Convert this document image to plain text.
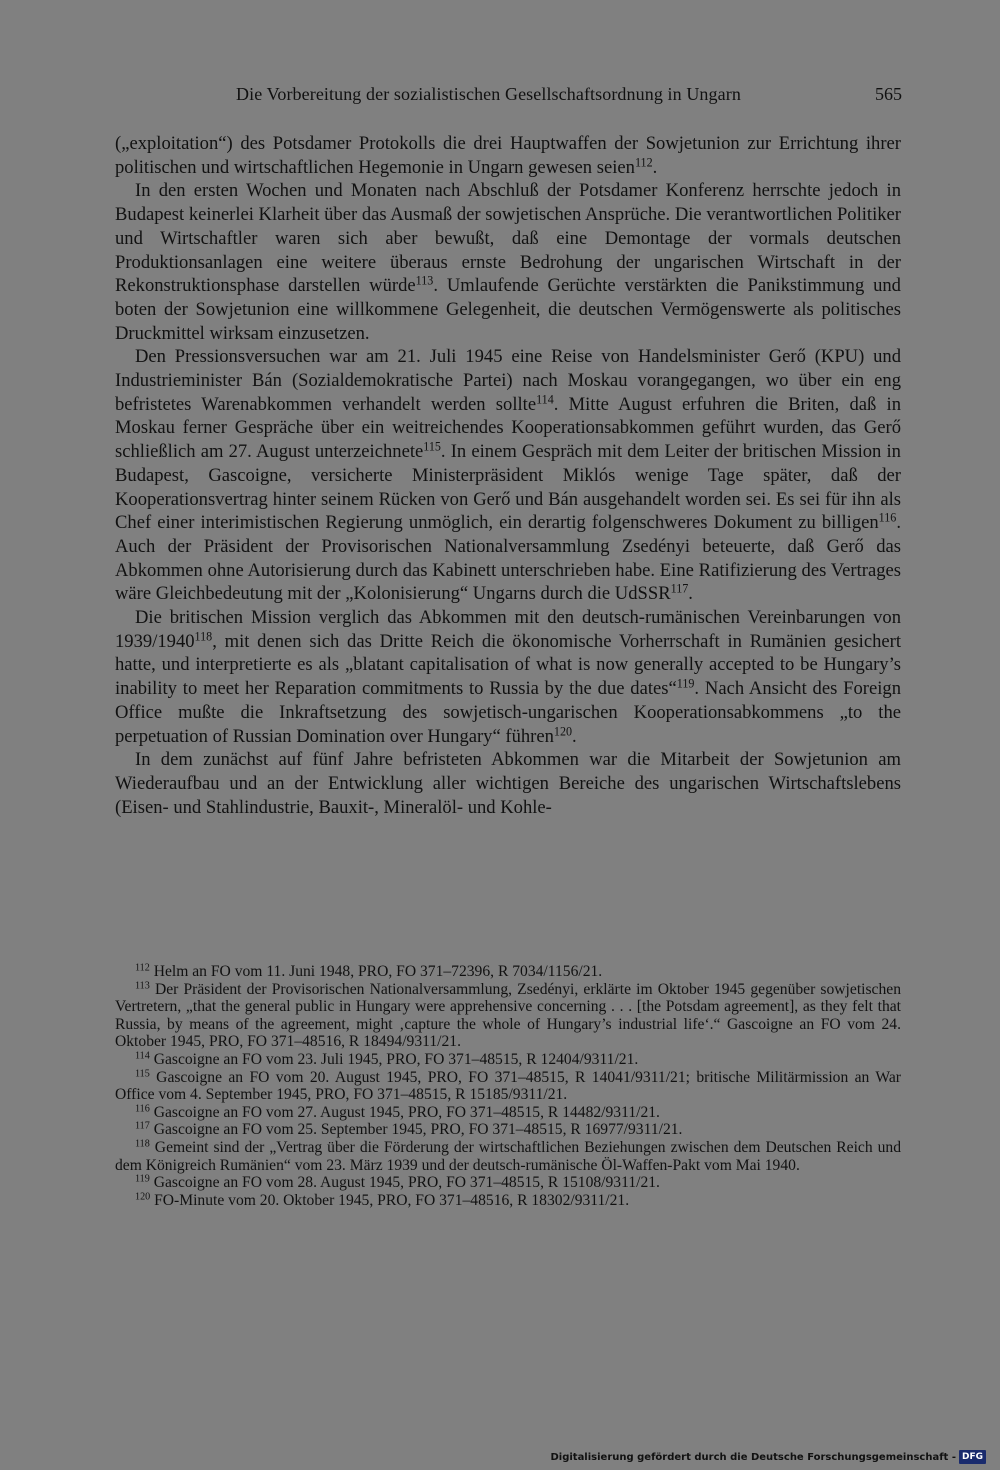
Die Vorbereitung der sozialistischen Gesellschaftsordnung in Ungarn	565

(„exploitation“) des Potsdamer Protokolls die drei Hauptwaffen der Sowjetunion zur Errichtung ihrer politischen und wirtschaftlichen Hegemonie in Ungarn gewesen seien$^{112}$.

In den ersten Wochen und Monaten nach Abschluß der Potsdamer Konferenz herrschte jedoch in Budapest keinerlei Klarheit über das Ausmaß der sowjetischen Ansprüche. Die verantwortlichen Politiker und Wirtschaftler waren sich aber bewußt, daß eine Demontage der vormals deutschen Produktionsanlagen eine weitere überaus ernste Bedrohung der ungarischen Wirtschaft in der Rekonstruktionsphase darstellen würde$^{113}$. Umlaufende Gerüchte verstärkten die Panikstimmung und boten der Sowjetunion eine willkommene Gelegenheit, die deutschen Vermögenswerte als politisches Druckmittel wirksam einzusetzen.

Den Pressionsversuchen war am 21. Juli 1945 eine Reise von Handelsminister Gerő (KPU) und Industrieminister Bán (Sozialdemokratische Partei) nach Moskau vorangegangen, wo über ein eng befristetes Warenabkommen verhandelt werden sollte$^{114}$. Mitte August erfuhren die Briten, daß in Moskau ferner Gespräche über ein weitreichendes Kooperationsabkommen geführt wurden, das Gerő schließlich am 27. August unterzeichnete$^{115}$. In einem Gespräch mit dem Leiter der britischen Mission in Budapest, Gascoigne, versicherte Ministerpräsident Miklós wenige Tage später, daß der Kooperationsvertrag hinter seinem Rücken von Gerő und Bán ausgehandelt worden sei. Es sei für ihn als Chef einer interimistischen Regierung unmöglich, ein derartig folgenschweres Dokument zu billigen$^{116}$. Auch der Präsident der Provisorischen Nationalversammlung Zsedényi beteuerte, daß Gerő das Abkommen ohne Autorisierung durch das Kabinett unterschrieben habe. Eine Ratifizierung des Vertrages wäre Gleichbedeutung mit der „Kolonisierung“ Ungarns durch die UdSSR$^{117}$.

Die britischen Mission verglich das Abkommen mit den deutsch-rumänischen Vereinbarungen von 1939/1940$^{118}$, mit denen sich das Dritte Reich die ökonomische Vorherrschaft in Rumänien gesichert hatte, und interpretierte es als „blatant capitalisation of what is now generally accepted to be Hungary’s inability to meet her Reparation commitments to Russia by the due dates“$^{119}$. Nach Ansicht des Foreign Office mußte die Inkraftsetzung des sowjetisch-ungarischen Kooperationsabkommens „to the perpetuation of Russian Domination over Hungary“ führen$^{120}$.

In dem zunächst auf fünf Jahre befristeten Abkommen war die Mitarbeit der Sowjetunion am Wiederaufbau und an der Entwicklung aller wichtigen Bereiche des ungarischen Wirtschaftslebens (Eisen- und Stahlindustrie, Bauxit-, Mineralöl- und Kohle-

$^{112}$ Helm an FO vom 11. Juni 1948, PRO, FO 371–72396, R 7034/1156/21.

$^{113}$ Der Präsident der Provisorischen Nationalversammlung, Zsedényi, erklärte im Oktober 1945 gegenüber sowjetischen Vertretern, „that the general public in Hungary were apprehensive concerning . . . [the Potsdam agreement], as they felt that Russia, by means of the agreement, might ‚capture the whole of Hungary’s industrial life‘.“ Gascoigne an FO vom 24. Oktober 1945, PRO, FO 371–48516, R 18494/9311/21.

$^{114}$ Gascoigne an FO vom 23. Juli 1945, PRO, FO 371–48515, R 12404/9311/21.

$^{115}$ Gascoigne an FO vom 20. August 1945, PRO, FO 371–48515, R 14041/9311/21; britische Militärmission an War Office vom 4. September 1945, PRO, FO 371–48515, R 15185/9311/21.

$^{116}$ Gascoigne an FO vom 27. August 1945, PRO, FO 371–48515, R 14482/9311/21.

$^{117}$ Gascoigne an FO vom 25. September 1945, PRO, FO 371–48515, R 16977/9311/21.

$^{118}$ Gemeint sind der „Vertrag über die Förderung der wirtschaftlichen Beziehungen zwischen dem Deutschen Reich und dem Königreich Rumänien“ vom 23. März 1939 und der deutsch-rumänische Öl-Waffen-Pakt vom Mai 1940.

$^{119}$ Gascoigne an FO vom 28. August 1945, PRO, FO 371–48515, R 15108/9311/21.

$^{120}$ FO-Minute vom 20. Oktober 1945, PRO, FO 371–48516, R 18302/9311/21.

Digitalisierung gefördert durch die Deutsche Forschungsgemeinschaft - DFG
